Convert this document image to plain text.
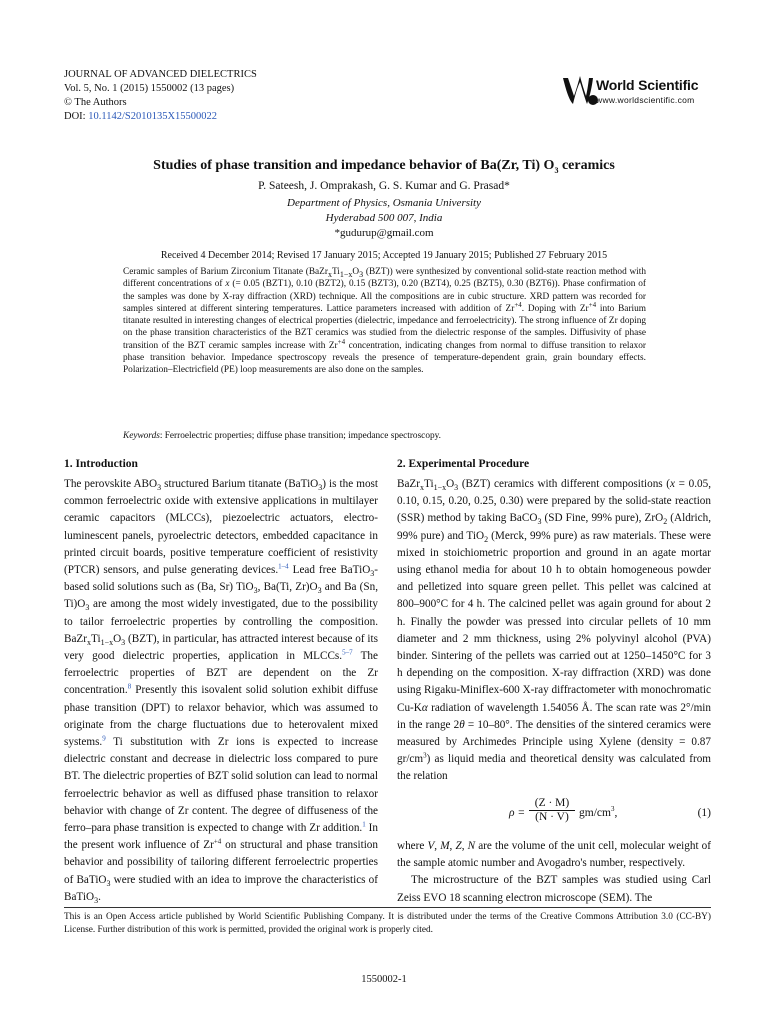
JOURNAL OF ADVANCED DIELECTRICS
Vol. 5, No. 1 (2015) 1550002 (13 pages)
© The Authors
DOI: 10.1142/S2010135X15500022
World Scientific
www.worldscientific.com
Studies of phase transition and impedance behavior of Ba(Zr, Ti) $O_3$ ceramics
P. Sateesh, J. Omprakash, G. S. Kumar and G. Prasad*
Department of Physics, Osmania University
Hyderabad 500 007, India
*gudurup@gmail.com
Received 4 December 2014; Revised 17 January 2015; Accepted 19 January 2015; Published 27 February 2015
Ceramic samples of Barium Zirconium Titanate ($BaZr_xTi_{1-x}O_3$ (BZT)) were synthesized by conventional solid-state reaction method with different concentrations of x (= 0.05 (BZT1), 0.10 (BZT2), 0.15 (BZT3), 0.20 (BZT4), 0.25 (BZT5), 0.30 (BZT6)). Phase confirmation of the samples was done by X-ray diffraction (XRD) technique. All the compositions are in cubic structure. XRD pattern was recorded for samples sintered at different sintering temperatures. Lattice parameters increased with addition of $Zr^{+4}$. Doping with $Zr^{+4}$ into Barium titanate resulted in interesting changes of electrical properties (dielectric, impedance and ferroelectricity). The strong influence of Zr doping on the phase transition characteristics of the BZT ceramics was studied from the dielectric response of the samples. Diffusivity of phase transition of the BZT ceramic samples increase with $Zr^{+4}$ concentration, indicating changes from normal to diffuse transition to relaxor phase transition behavior. Impedance spectroscopy reveals the presence of temperature-dependent grain, grain boundary effects. Polarization–Electricfield (PE) loop measurements are also done on the samples.
Keywords: Ferroelectric properties; diffuse phase transition; impedance spectroscopy.
1. Introduction	2. Experimental Procedure
The perovskite $ABO_3$ structured Barium titanate (BaTiO$_3$) is the most common ferroelectric oxide with extensive applications in multilayer ceramic capacitors (MLCCs), piezoelectric actuators, electro-luminescent panels, pyroelectric detectors, embedded capacitance in printed circuit boards, positive temperature coefficient of resistivity (PTCR) sensors, and pulse generating devices.$^{1-4}$ Lead free BaTiO$_3$-based solid solutions such as (Ba, Sr) TiO$_3$, Ba(Ti, $Zr)O_3$ and Ba (Sn, $Ti)O_3$ are among the most widely investigated, due to the possibility to tailor ferroelectric properties by controlling the composition. $BaZr_xTi_{1-x}O_3$ (BZT), in particular, has attracted interest because of its very good dielectric properties, application in MLCCs.$^{5-7}$ The ferroelectric properties of BZT are dependent on the Zr concentration.$^8$ Presently this isovalent solid solution exhibit diffuse phase transition (DPT) to relaxor behavior, which was assumed to originate from the charge fluctuations due to heterovalent mixed systems.$^9$ Ti substitution with Zr ions is expected to increase dielectric constant and decrease in dielectric loss compared to pure BT. The dielectric properties of BZT solid solution can lead to normal ferroelectric behavior as well as diffused phase transition to relaxor behavior with change of Zr content. The degree of diffuseness of the ferro–para phase transition is expected to change with Zr addition.$^1$ In the present work influence of $Zr^{+4}$ on structural and phase transition behavior and possibility of tailoring different ferroelectric properties of BaTiO$_3$ were studied with an idea to improve the characteristics of BaTiO$_3$.
$BaZr_xTi_{1-x}O_3$ (BZT) ceramics with different compositions (x = 0.05, 0.10, 0.15, 0.20, 0.25, 0.30) were prepared by the solid-state reaction (SSR) method by taking BaCO$_3$ (SD Fine, 99% pure), ZrO$_2$ (Aldrich, 99% pure) and TiO$_2$ (Merck, 99% pure) as raw materials. These were mixed in stoichiometric proportion and ground in an agate mortar using ethanol media for about 10 h to obtain homogeneous powder and pelletized into square green pellet. This pellet was calcined at 800–900°C for 4 h. The calcined pellet was again ground for about 2 h. Finally the powder was pressed into circular pellets of 10 mm diameter and 2 mm thickness, using 2% polyvinyl alcohol (PVA) binder. Sintering of the pellets was carried out at 1250–1450°C for 3 h depending on the composition. X-ray diffraction (XRD) was done using Rigaku-Miniflex-600 X-ray diffractometer with monochromatic Cu-Kα radiation of wavelength 1.54056 Å. The scan rate was 2°/min in the range 2θ = 10–80°. The densities of the sintered ceramics were measured by Archimedes Principle using Xylene (density = 0.87 $gr/cm^3$) as liquid media and theoretical density was calculated from the relation
$\rho = \frac{(Z \cdot M)}{(N \cdot V)} gm/cm^3$,	(1)
where V, M, Z, N are the volume of the unit cell, molecular weight of the sample atomic number and Avogadro's number, respectively.
The microstructure of the BZT samples was studied using Carl Zeiss EVO 18 scanning electron microscope (SEM). The
This is an Open Access article published by World Scientific Publishing Company. It is distributed under the terms of the Creative Commons Attribution 3.0 (CC-BY) License. Further distribution of this work is permitted, provided the original work is properly cited.
1550002-1
